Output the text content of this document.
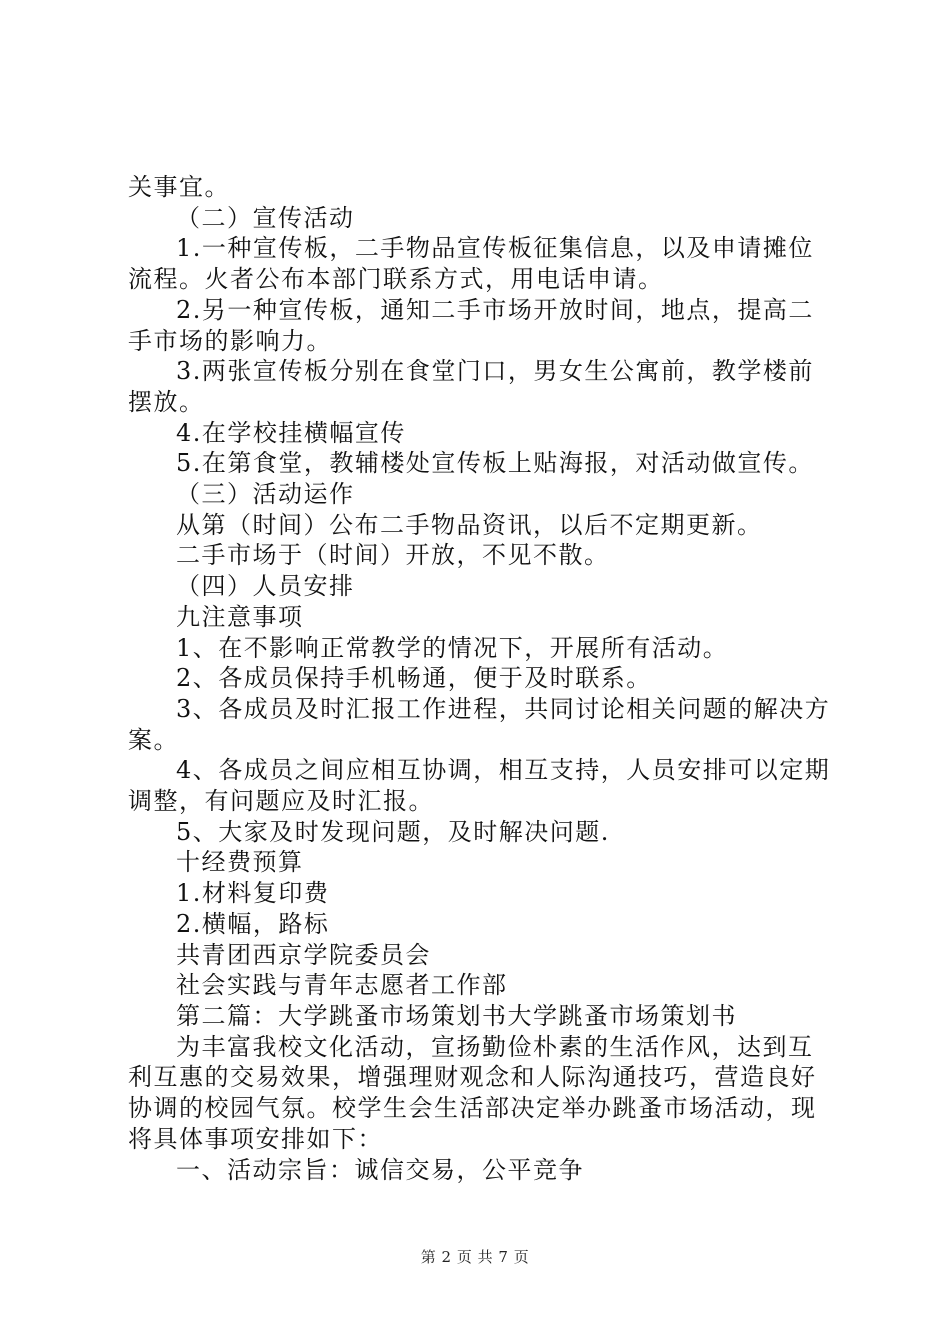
关事宜。

（二）宣传活动

1.一种宣传板，二手物品宣传板征集信息，以及申请摊位

流程。火者公布本部门联系方式，用电话申请。

2.另一种宣传板，通知二手市场开放时间，地点，提高二

手市场的影响力。

3.两张宣传板分别在食堂门口，男女生公寓前，教学楼前

摆放。

4.在学校挂横幅宣传

5.在第食堂，教辅楼处宣传板上贴海报，对活动做宣传。

（三）活动运作

从第（时间）公布二手物品资讯，以后不定期更新。

二手市场于（时间）开放，不见不散。

（四）人员安排

九注意事项

1、在不影响正常教学的情况下，开展所有活动。

2、各成员保持手机畅通，便于及时联系。

3、各成员及时汇报工作进程，共同讨论相关问题的解决方

案。

4、各成员之间应相互协调，相互支持，人员安排可以定期

调整，有问题应及时汇报。

5、大家及时发现问题，及时解决问题.

十经费预算

1.材料复印费

2.横幅，路标

共青团西京学院委员会

社会实践与青年志愿者工作部

第二篇：大学跳蚤市场策划书大学跳蚤市场策划书

为丰富我校文化活动，宣扬勤俭朴素的生活作风，达到互

利互惠的交易效果，增强理财观念和人际沟通技巧，营造良好

协调的校园气氛。校学生会生活部决定举办跳蚤市场活动，现

将具体事项安排如下：

一、活动宗旨：诚信交易，公平竞争

第 2 页 共 7 页
